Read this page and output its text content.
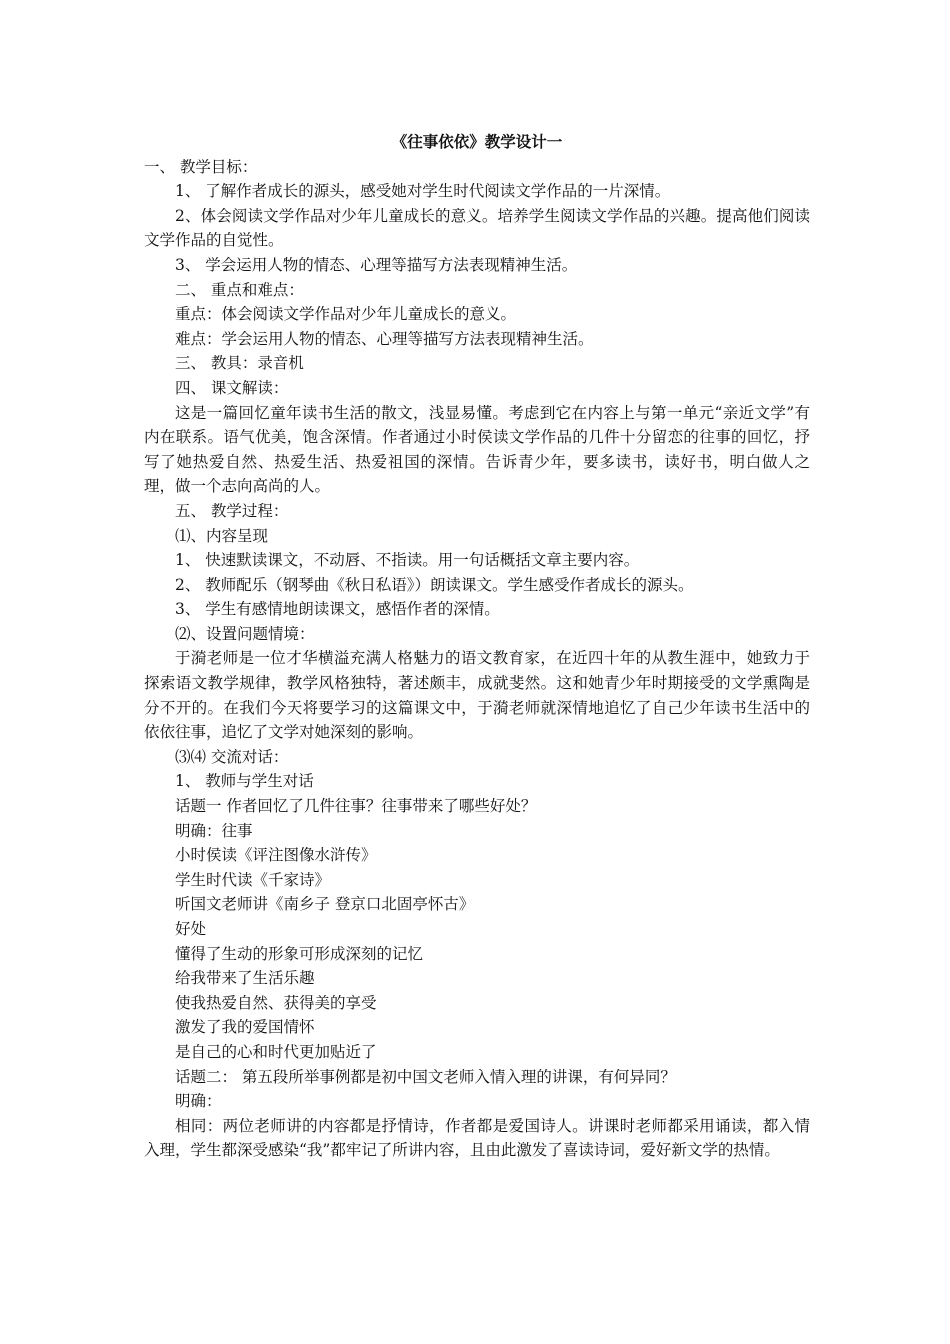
《往事依依》教学设计一

一、 教学目标：

1、 了解作者成长的源头，感受她对学生时代阅读文学作品的一片深情。

2、体会阅读文学作品对少年儿童成长的意义。培养学生阅读文学作品的兴趣。提高他们阅读文学作品的自觉性。

3、 学会运用人物的情态、心理等描写方法表现精神生活。

二、 重点和难点：

重点：体会阅读文学作品对少年儿童成长的意义。

难点：学会运用人物的情态、心理等描写方法表现精神生活。

三、 教具：录音机

四、 课文解读：

这是一篇回忆童年读书生活的散文，浅显易懂。考虑到它在内容上与第一单元“亲近文学”有内在联系。语气优美，饱含深情。作者通过小时侯读文学作品的几件十分留恋的往事的回忆，抒写了她热爱自然、热爱生活、热爱祖国的深情。告诉青少年，要多读书，读好书，明白做人之理，做一个志向高尚的人。

五、 教学过程：

⑴、内容呈现

1、 快速默读课文，不动唇、不指读。用一句话概括文章主要内容。

2、 教师配乐（钢琴曲《秋日私语》）朗读课文。学生感受作者成长的源头。

3、 学生有感情地朗读课文，感悟作者的深情。

⑵、设置问题情境：

于漪老师是一位才华横溢充满人格魅力的语文教育家，在近四十年的从教生涯中，她致力于探索语文教学规律，教学风格独特，著述颇丰，成就斐然。这和她青少年时期接受的文学熏陶是分不开的。在我们今天将要学习的这篇课文中，于漪老师就深情地追忆了自己少年读书生活中的依依往事，追忆了文学对她深刻的影响。

⑶⑷ 交流对话：

1、 教师与学生对话

话题一 作者回忆了几件往事？往事带来了哪些好处？

明确：往事

小时侯读《评注图像水浒传》

学生时代读《千家诗》

听国文老师讲《南乡子 登京口北固亭怀古》

好处

懂得了生动的形象可形成深刻的记忆

给我带来了生活乐趣

使我热爱自然、获得美的享受

激发了我的爱国情怀

是自己的心和时代更加贴近了

话题二： 第五段所举事例都是初中国文老师入情入理的讲课，有何异同？

明确：

相同：两位老师讲的内容都是抒情诗，作者都是爱国诗人。讲课时老师都采用诵读，都入情入理，学生都深受感染“我”都牢记了所讲内容，且由此激发了喜读诗词，爱好新文学的热情。
